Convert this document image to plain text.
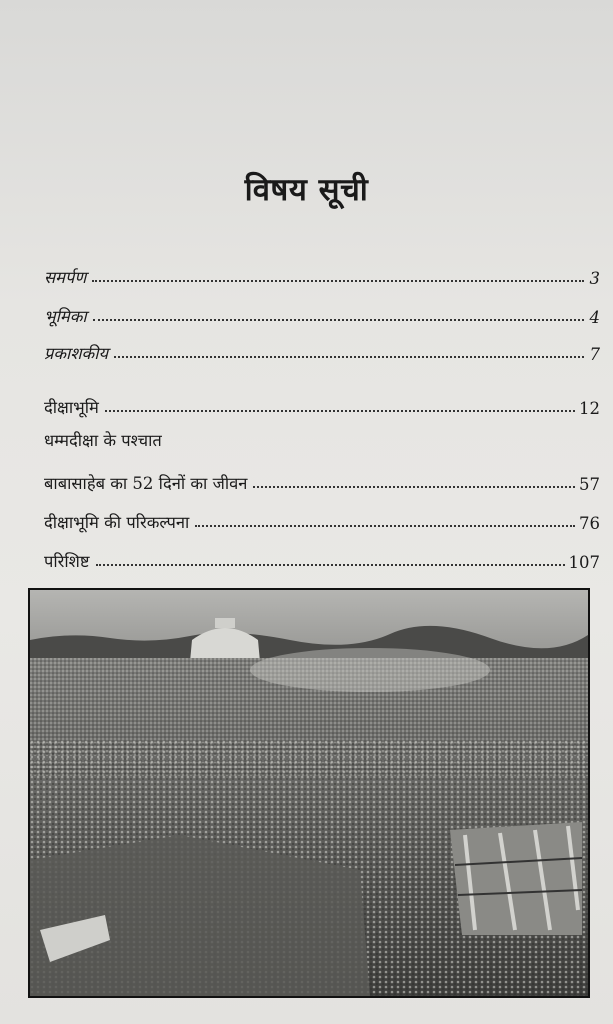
विषय सूची
समर्पण	3
भूमिका	4
प्रकाशकीय	7
दीक्षाभूमि	12
धम्मदीक्षा के पश्चात
बाबासाहेब का 52 दिनों का जीवन	57
दीक्षाभूमि की परिकल्पना	76
परिशिष्ट	107
